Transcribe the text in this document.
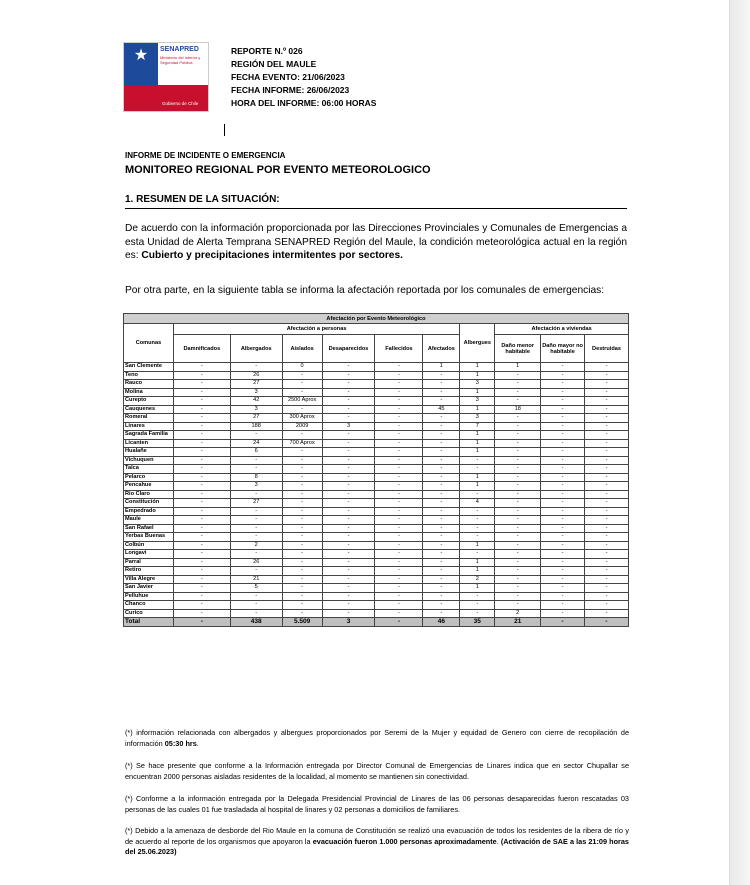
★ SENAPRED
Ministerio del Interior y Seguridad Pública
Gobierno de Chile
REPORTE N.º 026
REGIÓN DEL MAULE
FECHA EVENTO: 21/06/2023
FECHA INFORME: 26/06/2023
HORA DEL INFORME: 06:00 HORAS
INFORME DE INCIDENTE O EMERGENCIA
MONITOREO REGIONAL POR EVENTO METEOROLOGICO
1. RESUMEN DE LA SITUACIÓN:
De acuerdo con la información proporcionada por las Direcciones Provinciales y Comunales de Emergencias a esta Unidad de Alerta Temprana SENAPRED Región del Maule, la condición meteorológica actual en la región es: Cubierto y precipitaciones intermitentes por sectores.
Por otra parte, en la siguiente tabla se informa la afectación reportada por los comunales de emergencias:
Afectación por Evento Meteorológico										
Comunas	Afectación a personas						Albergues	Afectación a viviendas		
	Damnificados	Albergados	Aislados	Desaparecidos	Fallecidos	Afectados		Daño menor habitable	Daño mayor no habitable	Destruidas
San Clemente	-	-	0	-	-	1	1	1	-	-
Teno	-	26	-	-	-	-	1	-	-	-
Rauco	-	27	-	-	-	-	3	-	-	-
Molina	-	3	-	-	-	-	1	-	-	-
Curepto	-	42	2500 Aprox	-	-	-	3	-	-	-
Cauquenes	-	3	-	-	-	45	1	18	-	-
Romeral	-	27	300 Aprox	-	-	-	3	-	-	-
Linares	-	188	2009	3	-	-	7	-	-	-
Sagrada Familia	-	-	-	-	-	-	1	-	-	-
Licanten	-	24	700 Aprox	-	-	-	1	-	-	-
Hualañe	-	6	-	-	-	-	1	-	-	-
Vichuquen	-	-	-	-	-	-	-	-	-	-
Talca	-	-	-	-	-	-	-	-	-	-
Pelarco	-	8	-	-	-	-	1	-	-	-
Pencahue	-	3	-	-	-	-	1	-	-	-
Rio Claro	-	-	-	-	-	-	-	-	-	-
Constitución	-	27	-	-	-	-	4	-	-	-
Empedrado	-	-	-	-	-	-	-	-	-	-
Maule	-	-	-	-	-	-	-	-	-	-
San Rafael	-	-	-	-	-	-	-	-	-	-
Yerbas Buenas	-	-	-	-	-	-	-	-	-	-
Colbún	-	2	-	-	-	-	1	-	-	-
Longavi	-	-	-	-	-	-	-	-	-	-
Parral	-	26	-	-	-	-	1	-	-	-
Retiro	-	-	-	-	-	-	1	-	-	-
Villa Alegre	-	21	-	-	-	-	2	-	-	-
San Javier	-	5	-	-	-	-	1	-	-	-
Pelluhue	-	-	-	-	-	-	-	-	-	-
Chanco	-	-	-	-	-	-	-	-	-	-
Curico	-	-	-	-	-	-	-	2	-	-
Total	-	438	5.509	3	-	46	35	21	-	-
(*) información relacionada con albergados y albergues proporcionados por Seremi de la Mujer y equidad de Genero con cierre de recopilación de información 05:30 hrs.
(*) Se hace presente que conforme a la Información entregada por Director Comunal de Emergencias de Linares indica que en sector Chupallar se encuentran 2000 personas aisladas residentes de la localidad, al momento se mantienen sin conectividad.
(*) Conforme a la información entregada por la Delegada Presidencial Provincial de Linares de las 06 personas desaparecidas fueron rescatadas 03 personas de las cuales 01 fue trasladada al hospital de linares y 02 personas a domicilios de familiares.
(*) Debido a la amenaza de desborde del Rio Maule en la comuna de Constitución se realizó una evacuación de todos los residentes de la ribera de río y de acuerdo al reporte de los organismos que apoyaron la evacuación fueron 1.000 personas aproximadamente. (Activación de SAE a las 21:09 horas del 25.06.2023)
